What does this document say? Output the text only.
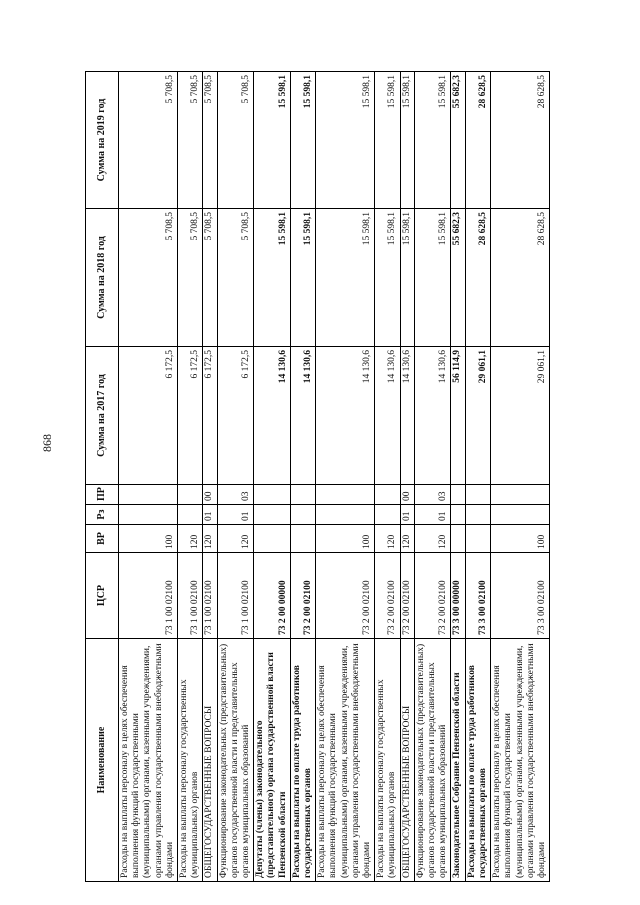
868
Наименование	ЦСР	ВР	Рз	ПР	Сумма на 2017 год	Сумма на 2018 год	Сумма на 2019 год
Расходы на выплаты персоналу в целях обеспечения выполнения функций государственными (муниципальными) органами, казенными учреждениями, органами управления государственными внебюджетными фондами	73 1 00 02100	100			6 172,5	5 708,5	5 708,5
Расходы на выплаты персоналу государственных (муниципальных) органов	73 1 00 02100	120			6 172,5	5 708,5	5 708,5
ОБЩЕГОСУДАРСТВЕННЫЕ ВОПРОСЫ	73 1 00 02100	120	01	00	6 172,5	5 708,5	5 708,5
Функционирование законодательных (представительных) органов государственной власти и представительных органов муниципальных образований	73 1 00 02100	120	01	03	6 172,5	5 708,5	5 708,5
Депутаты (члены) законодательного (представительного) органа государственной власти Пензенской области	73 2 00 00000				14 130,6	15 598,1	15 598,1
Расходы на выплаты по оплате труда работников государственных органов	73 2 00 02100				14 130,6	15 598,1	15 598,1
Расходы на выплаты персоналу в целях обеспечения выполнения функций государственными (муниципальными) органами, казенными учреждениями, органами управления государственными внебюджетными фондами	73 2 00 02100	100			14 130,6	15 598,1	15 598,1
Расходы на выплаты персоналу государственных (муниципальных) органов	73 2 00 02100	120			14 130,6	15 598,1	15 598,1
ОБЩЕГОСУДАРСТВЕННЫЕ ВОПРОСЫ	73 2 00 02100	120	01	00	14 130,6	15 598,1	15 598,1
Функционирование законодательных (представительных) органов государственной власти и представительных органов муниципальных образований	73 2 00 02100	120	01	03	14 130,6	15 598,1	15 598,1
Законодательное Собрание Пензенской области	73 3 00 00000				56 114,9	55 682,3	55 682,3
Расходы на выплаты по оплате труда работников государственных органов	73 3 00 02100				29 061,1	28 628,5	28 628,5
Расходы на выплаты персоналу в целях обеспечения выполнения функций государственными (муниципальными) органами, казенными учреждениями, органами управления государственными внебюджетными фондами	73 3 00 02100	100			29 061,1	28 628,5	28 628,5
